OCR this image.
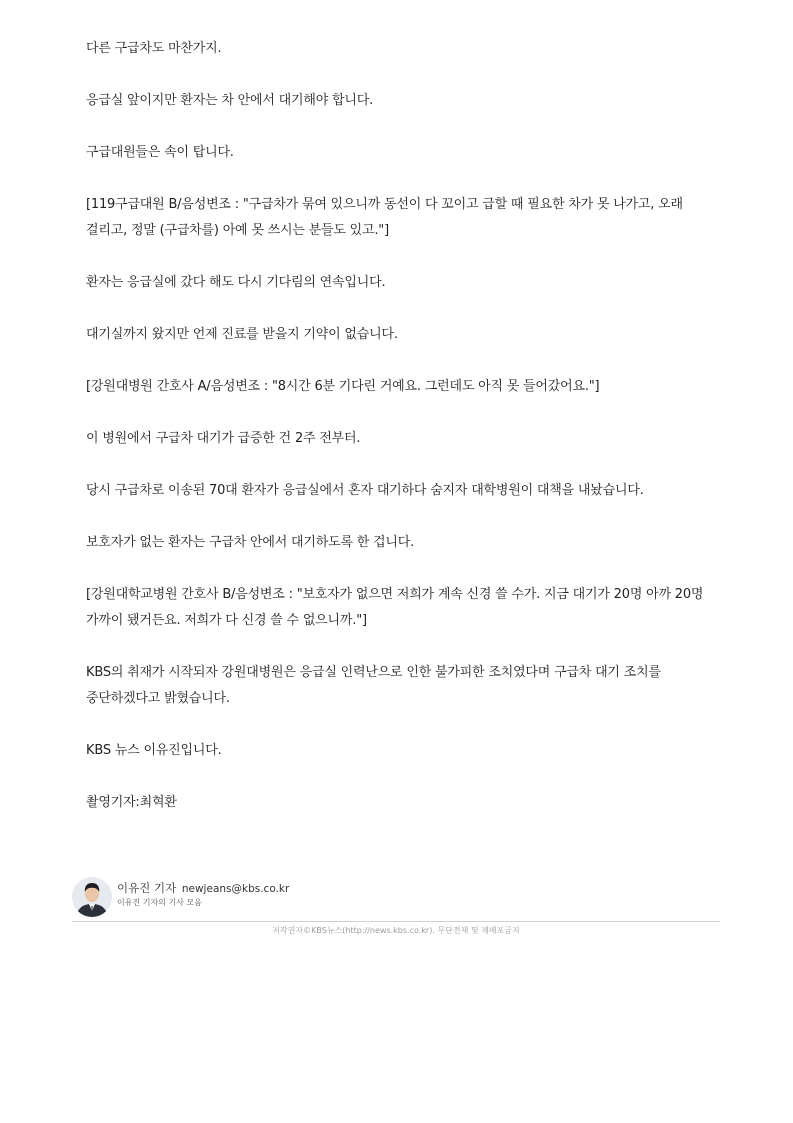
다른 구급차도 마찬가지.

응급실 앞이지만 환자는 차 안에서 대기해야 합니다.

구급대원들은 속이 탑니다.

[119구급대원 B/음성변조 : "구급차가 묶여 있으니까 동선이 다 꼬이고 급할 때 필요한 차가 못 나가고, 오래 걸리고, 정말 (구급차를) 아예 못 쓰시는 분들도 있고."]

환자는 응급실에 갔다 해도 다시 기다림의 연속입니다.

대기실까지 왔지만 언제 진료를 받을지 기약이 없습니다.

[강원대병원 간호사 A/음성변조 : "8시간 6분 기다린 거예요. 그런데도 아직 못 들어갔어요."]

이 병원에서 구급차 대기가 급증한 건 2주 전부터.

당시 구급차로 이송된 70대 환자가 응급실에서 혼자 대기하다 숨지자 대학병원이 대책을 내놨습니다.

보호자가 없는 환자는 구급차 안에서 대기하도록 한 겁니다.

[강원대학교병원 간호사 B/음성변조 : "보호자가 없으면 저희가 계속 신경 쓸 수가. 지금 대기가 20명 아까 20명 가까이 됐거든요. 저희가 다 신경 쓸 수 없으니까."]

KBS의 취재가 시작되자 강원대병원은 응급실 인력난으로 인한 불가피한 조치였다며 구급차 대기 조치를 중단하겠다고 밝혔습니다.

KBS 뉴스 이유진입니다.

촬영기자:최혁환

이유진 기자 newjeans@kbs.co.kr
이유진 기자의 기사 모음
저작권자©KBS뉴스(http://news.kbs.co.kr). 무단전재 및 재배포금지
